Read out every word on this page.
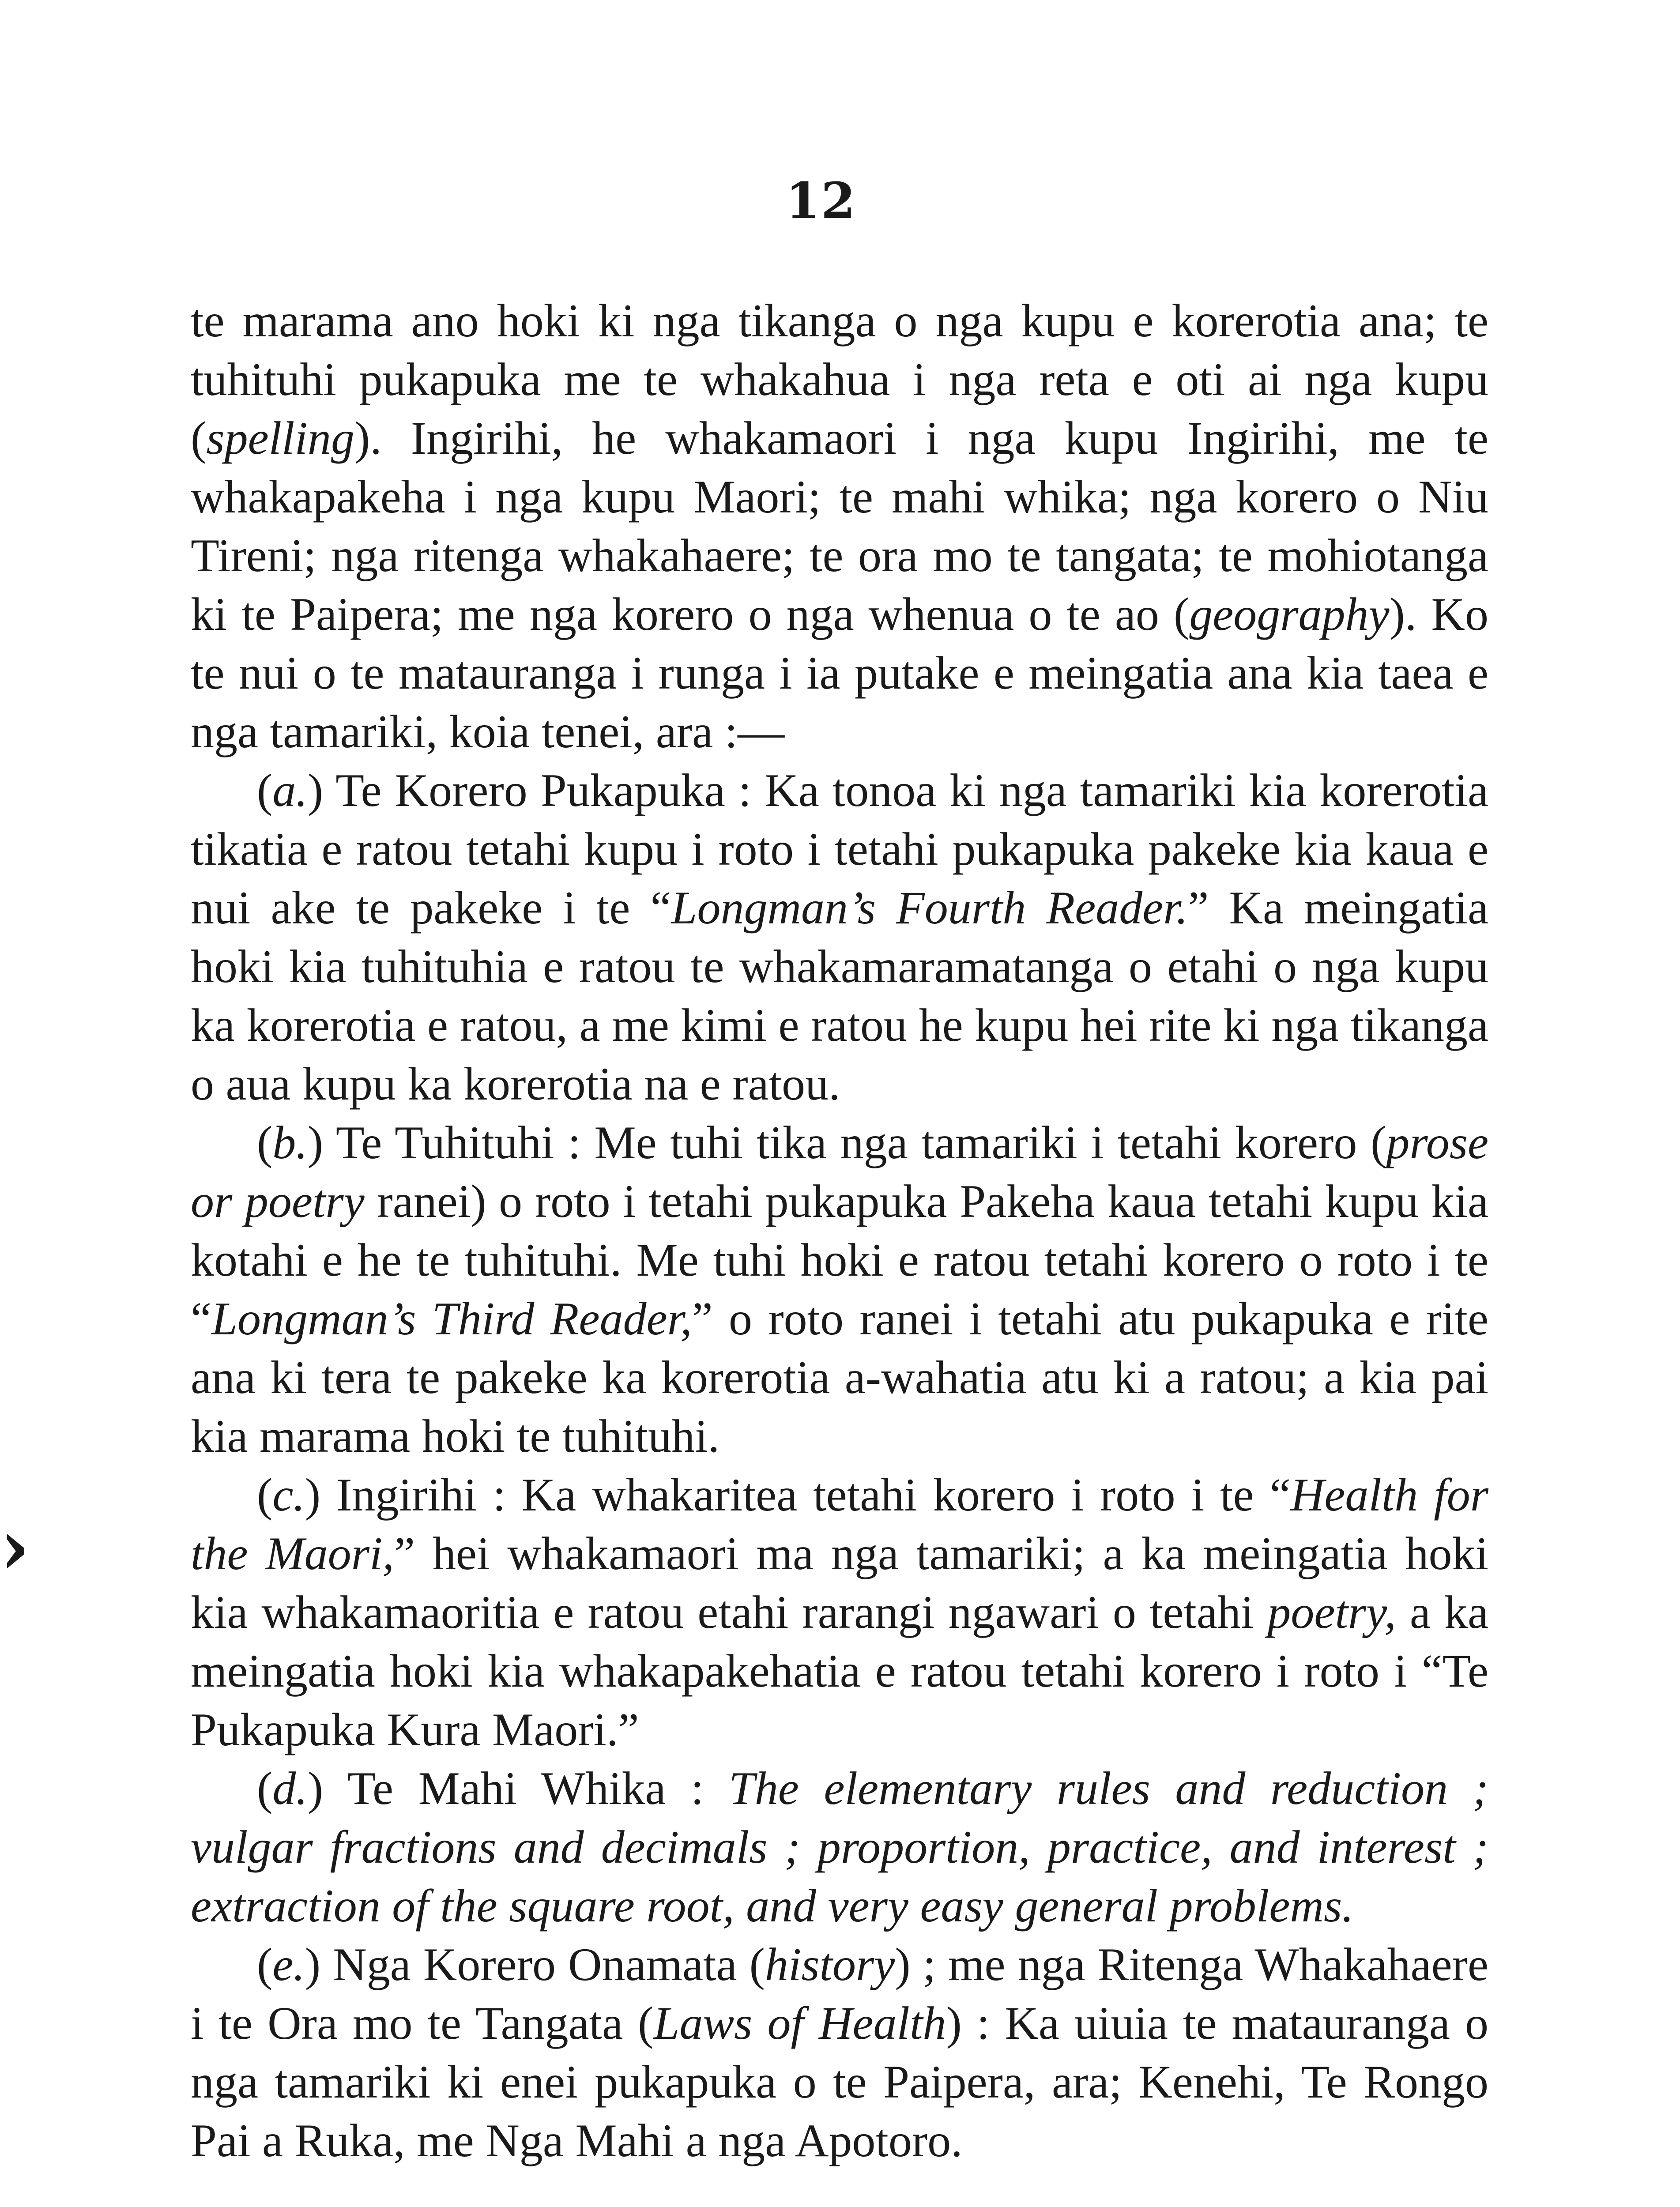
12
›

te marama ano hoki ki nga tikanga o nga kupu e korerotia ana; te tuhituhi pukapuka me te whakahua i nga reta e oti ai nga kupu (spelling). Ingirihi, he whakamaori i nga kupu Ingirihi, me te whakapakeha i nga kupu Maori; te mahi whika; nga korero o Niu Tireni; nga ritenga whakahaere; te ora mo te tangata; te mohiotanga ki te Paipera; me nga korero o nga whenua o te ao (geography). Ko te nui o te matauranga i runga i ia putake e meingatia ana kia taea e nga tamariki, koia tenei, ara :—

(a.) Te Korero Pukapuka : Ka tonoa ki nga tamariki kia korerotia tikatia e ratou tetahi kupu i roto i tetahi pukapuka pakeke kia kaua e nui ake te pakeke i te “Longman’s Fourth Reader.” Ka meingatia hoki kia tuhituhia e ratou te whakamaramatanga o etahi o nga kupu ka korerotia e ratou, a me kimi e ratou he kupu hei rite ki nga tikanga o aua kupu ka korerotia na e ratou.

(b.) Te Tuhituhi : Me tuhi tika nga tamariki i tetahi korero (prose or poetry ranei) o roto i tetahi pukapuka Pakeha kaua tetahi kupu kia kotahi e he te tuhituhi. Me tuhi hoki e ratou tetahi korero o roto i te “Longman’s Third Reader,” o roto ranei i tetahi atu pukapuka e rite ana ki tera te pakeke ka korerotia a-wahatia atu ki a ratou; a kia pai kia marama hoki te tuhituhi.

(c.) Ingirihi : Ka whakaritea tetahi korero i roto i te “Health for the Maori,” hei whakamaori ma nga tamariki; a ka meingatia hoki kia whakamaoritia e ratou etahi rarangi ngawari o tetahi poetry, a ka meingatia hoki kia whakapakehatia e ratou tetahi korero i roto i “Te Pukapuka Kura Maori.”

(d.) Te Mahi Whika : The elementary rules and reduction ; vulgar fractions and decimals ; proportion, practice, and interest ; extraction of the square root, and very easy general problems.

(e.) Nga Korero Onamata (history) ; me nga Ritenga Whakahaere i te Ora mo te Tangata (Laws of Health) : Ka uiuia te matauranga o nga tamariki ki enei pukapuka o te Paipera, ara; Kenehi, Te Rongo Pai a Ruka, me Nga Mahi a nga Apotoro.
